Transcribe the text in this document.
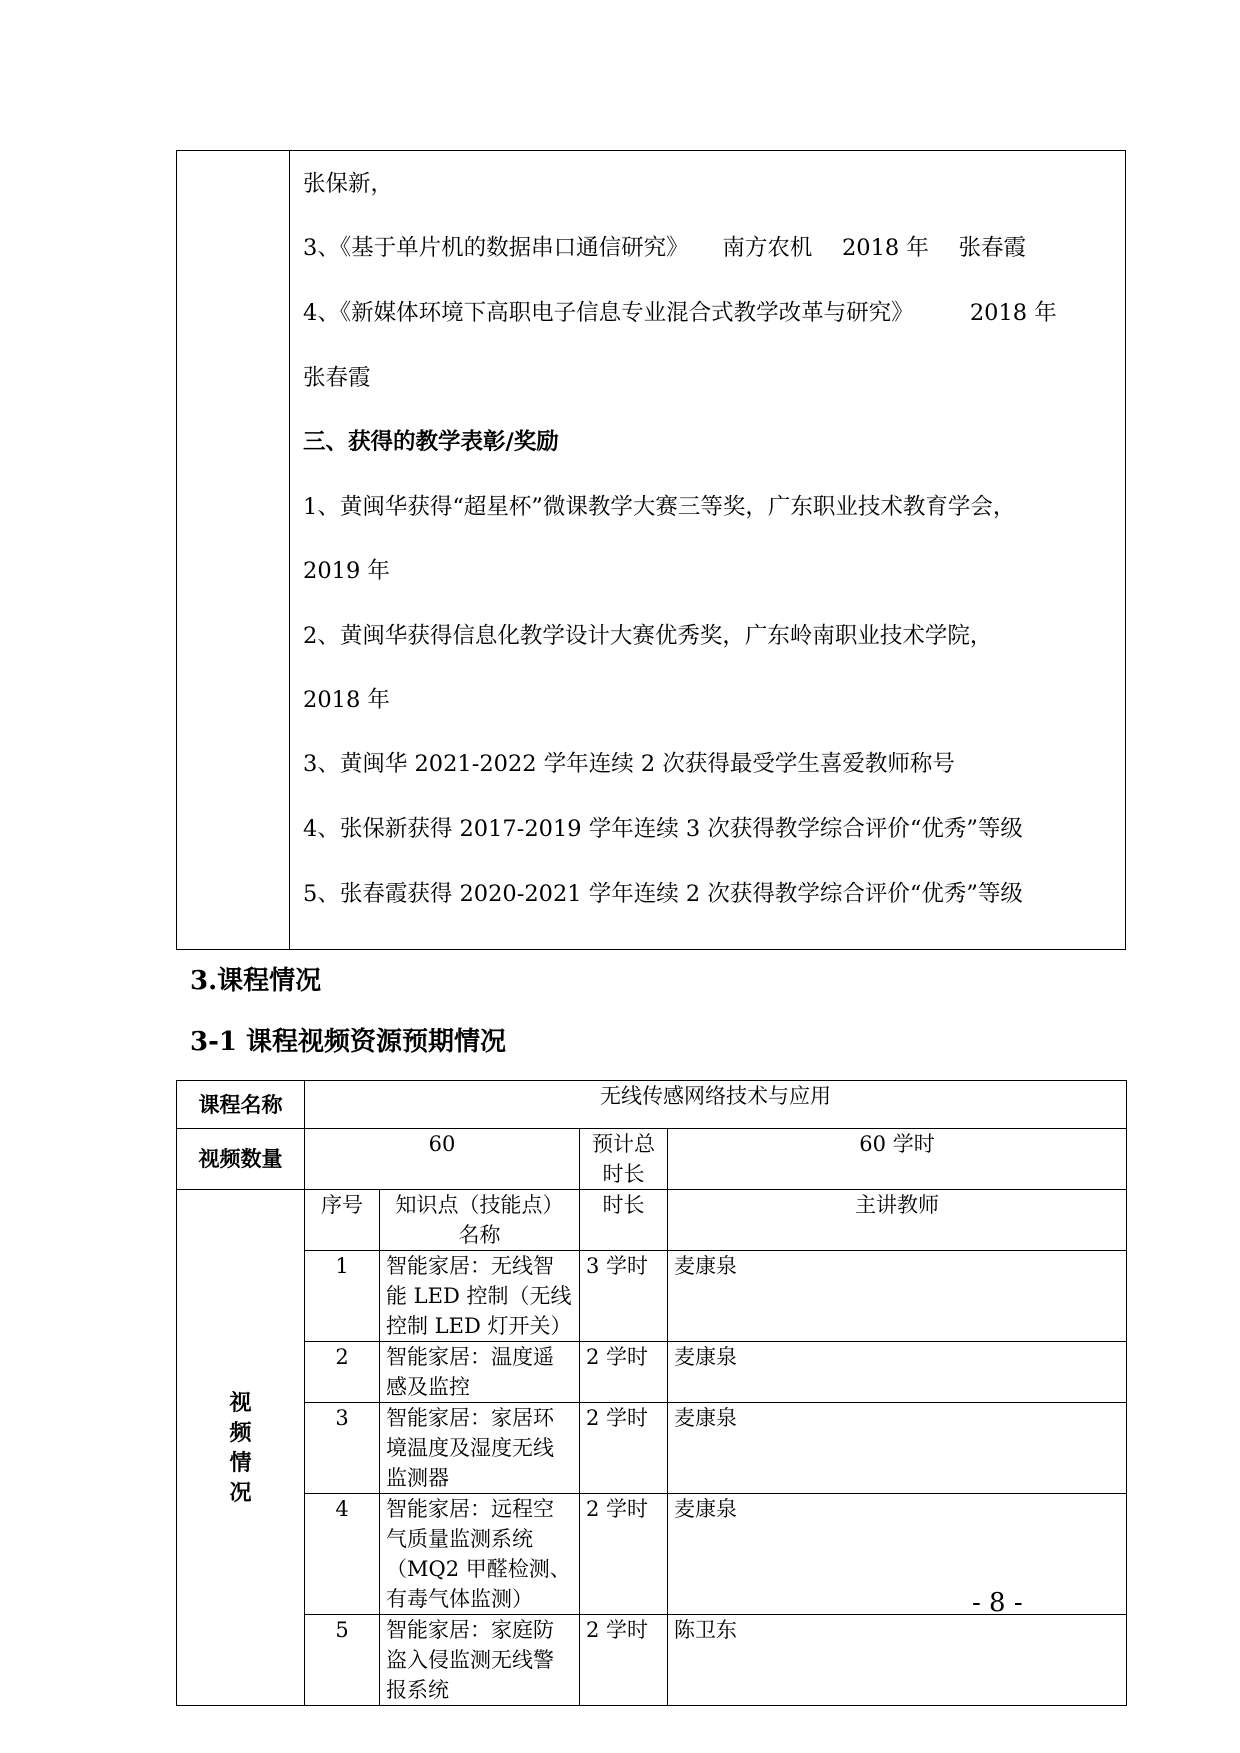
张保新，
3、《基于单片机的数据串口通信研究》　　南方农机　 2018 年　 张春霞
4、《新媒体环境下高职电子信息专业混合式教学改革与研究》　　　2018 年
张春霞
三、获得的教学表彰/奖励
1、黄闽华获得“超星杯”微课教学大赛三等奖，广东职业技术教育学会，
2019 年
2、黄闽华获得信息化教学设计大赛优秀奖，广东岭南职业技术学院，
2018 年
3、黄闽华 2021-2022 学年连续 2 次获得最受学生喜爱教师称号
4、张保新获得 2017-2019 学年连续 3 次获得教学综合评价“优秀”等级
5、张春霞获得 2020-2021 学年连续 2 次获得教学综合评价“优秀”等级
3.课程情况
3-1 课程视频资源预期情况
课程名称	无线传感网络技术与应用			
视频数量	60		预计总时长	60 学时

视
频
情
况	序号	知识点（技能点）名称	时长	主讲教师
	1	智能家居：无线智能 LED 控制（无线控制 LED 灯开关）	3 学时	麦康泉
	2	智能家居：温度遥感及监控	2 学时	麦康泉
	3	智能家居：家居环境温度及湿度无线监测器	2 学时	麦康泉
	4	智能家居：远程空气质量监测系统（MQ2 甲醛检测、有毒气体监测）	2 学时	麦康泉
	5	智能家居：家庭防盗入侵监测无线警报系统	2 学时	陈卫东
- 8 -
